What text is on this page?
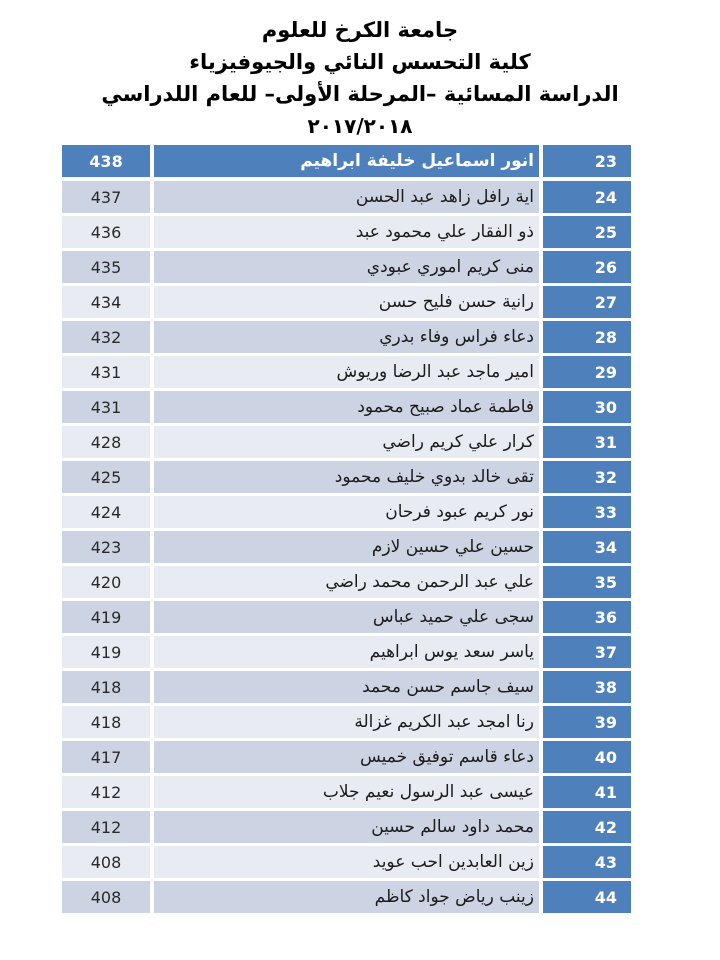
جامعة الكرخ للعلوم
كلية التحسس النائي والجيوفيزياء
الدراسة المسائية –المرحلة الأولى– للعام اللدراسي
٢٠١٧/٢٠١٨
23
انور اسماعيل خليفة ابراهيم
438
24
اية رافل زاهد عبد الحسن
437
25
ذو الفقار علي محمود عبد
436
26
منى كريم اموري عبودي
435
27
رانية حسن فليح حسن
434
28
دعاء فراس وفاء بدري
432
29
امير ماجد عبد الرضا وريوش
431
30
فاطمة عماد صبيح محمود
431
31
كرار علي كريم راضي
428
32
تقى خالد بدوي خليف محمود
425
33
نور كريم عبود فرحان
424
34
حسين علي حسين لازم
423
35
علي عبد الرحمن محمد راضي
420
36
سجى علي حميد عباس
419
37
ياسر سعد يوس ابراهيم
419
38
سيف جاسم حسن محمد
418
39
رنا امجد عبد الكريم غزالة
418
40
دعاء قاسم توفيق خميس
417
41
عيسى عبد الرسول نعيم جلاب
412
42
محمد داود سالم حسين
412
43
زين العابدين احب عويد
408
44
زينب رياض جواد كاظم
408
